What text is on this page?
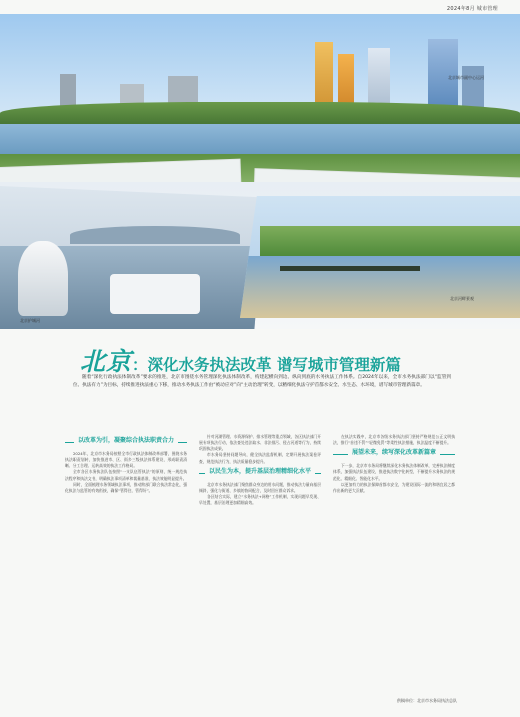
2024年8月 城市管理
北京城市副中心运河
北京护城河
北京河畔景观
北京：深化水务执法改革 谱写城市管理新篇
随着“深化行政执法体制改革”要求的推进，北京市围绕水务管理深化执法体制改革，构建起横向到边、纵向到底的水务执法工作体系。自2024年以来，全市水务执法部门以“监管到位、执法有力”为目标，持续推进执法重心下移，推动水务执法工作由“被动应对”向“主动治理”转变，以精细化执法守护首都水安全、水生态、水环境，谱写城市管理新篇章。
以改革为引，凝聚综合执法职责合力

2024年，北京市水务局按照全市行政执法体制改革部署，围绕水务执法职责划转，加快推进市、区、街乡三级执法体系建设，形成职责清晰、分工合理、运转高效的执法工作格局。

全市各区水务执法队伍按照“一支队伍管执法”的原则，统一规范执法程序和执法文书，明确执法事项清单和裁量基准，执法效能明显提升。

同时，全面梳理水务领域执法事项，推动跨部门联合执法常态化，强化执法与监管的有效衔接，确保“管得住、管得好”。

针对河湖管理、水资源保护、排水管理等重点领域，各区执法部门开展专项执法行动，依法查处违法取水、非法排污、侵占河道等行为，持续巩固执法成果。

市水务局坚持问题导向，健全执法监督机制，定期开展执法案卷评查，规范执法行为，执法质量稳步提升。

以民生为本，提升基层治理精细化水平

北京市水务执法部门聚焦群众身边的用水问题，推动执法力量向基层倾斜，强化与街道、乡镇的协同配合，及时回应群众诉求。

各区结合实际，建立“水务执法+网格”工作机制，实现问题早发现、早处置，基层治理更加精细高效。

在执法实践中，北京市各级水务执法部门坚持严格规范公正文明执法，推行“首违不罚”“轻微免罚”等柔性执法措施，执法温度不断提升。

展望未来，续写深化改革新篇章

下一步，北京市水务局将继续深化水务执法体制改革，完善执法制度体系，加强执法队伍建设，推进执法数字化转型，不断提升水务执法的规范化、精细化、智能化水平。

以更加有力的执法保障首都水安全，为建设国际一流的和谐宜居之都作出新的更大贡献。

供稿单位：北京市水务局执法总队
